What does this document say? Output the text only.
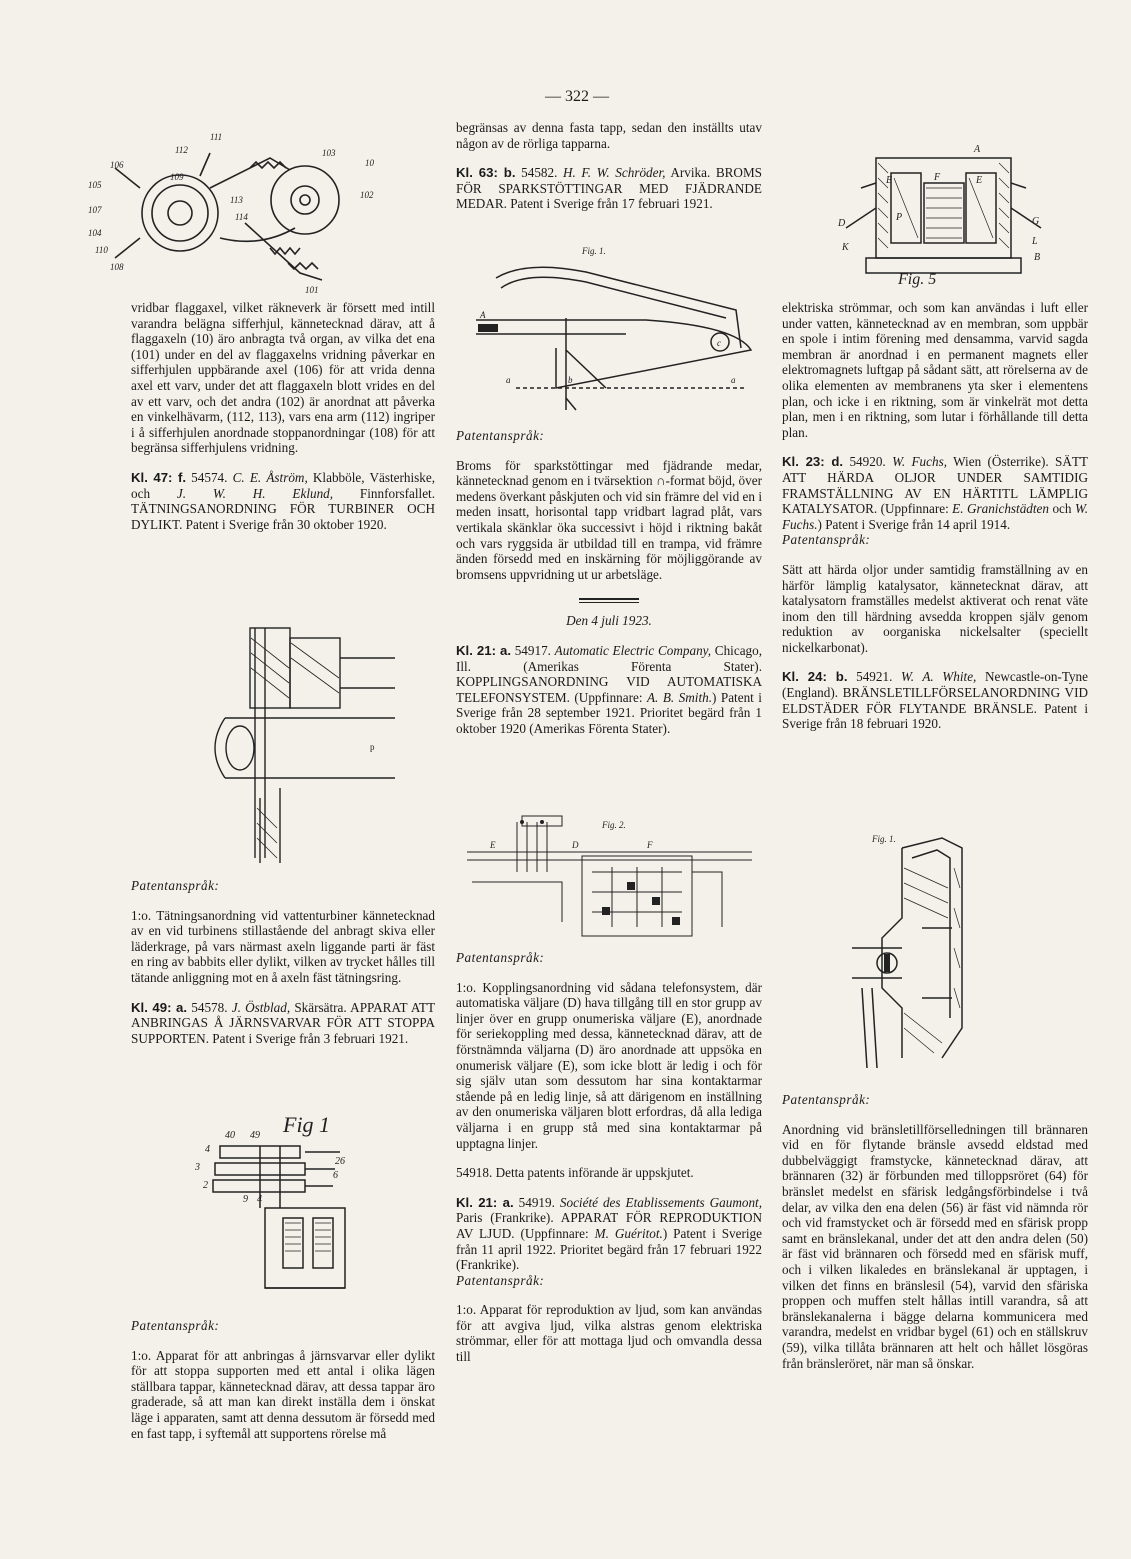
— 322 —
111
112
106
105
109
107
104
110
108
113
114
103
10
102
101

vridbar flaggaxel, vilket räkneverk är försett med intill varandra belägna sifferhjul, kännetecknad därav, att å flaggaxeln (10) äro anbragta två organ, av vilka det ena (101) under en del av flaggaxelns vridning påverkar en sifferhjulen uppbärande axel (106) för att vrida denna axel ett varv, under det att flaggaxeln blott vrides en del av ett varv, och det andra (102) är anordnat att påverka en vinkelhävarm, (112, 113), vars ena arm (112) ingriper i å sifferhjulen anordnade stoppanordningar (108) för att begränsa sifferhjulens vridning.

Kl. 47: f. 54574. C. E. Åström, Klabböle, Västerhiske, och J. W. H. Eklund, Finnforsfallet. TÄTNINGSANORDNING FÖR TURBINER OCH DYLIKT. Patent i Sverige från 30 oktober 1920.

p

Patentanspråk:

1:o. Tätningsanordning vid vattenturbiner kännetecknad av en vid turbinens stillastående del anbragt skiva eller läderkrage, på vars närmast axeln liggande parti är fäst en ring av babbits eller dylikt, vilken av trycket hålles till tätande anliggning mot en å axeln fäst tätningsring.

Kl. 49: a. 54578. J. Östblad, Skärsätra. APPARAT ATT ANBRINGAS Å JÄRNSVARVAR FÖR ATT STOPPA SUPPORTEN. Patent i Sverige från 3 februari 1921.

Fig 1
40 49
4
3
2
26
6
9 4

Patentanspråk:

1:o. Apparat för att anbringas å järnsvarvar eller dylikt för att stoppa supporten med ett antal i olika lägen ställbara tappar, kännetecknad därav, att dessa tappar äro graderade, så att man kan direkt inställa dem i önskat läge i apparaten, samt att denna dessutom är försedd med en fast tapp, i syftemål att supportens rörelse må

begränsas av denna fasta tapp, sedan den inställts utav någon av de rörliga tapparna.

Kl. 63: b. 54582. H. F. W. Schröder, Arvika. BROMS FÖR SPARKSTÖTTINGAR MED FJÄDRANDE MEDAR. Patent i Sverige från 17 februari 1921.

Fig. 1.
A
c
a	b	a

Patentanspråk:

Broms för sparkstöttingar med fjädrande medar, kännetecknad genom en i tvärsektion ∩-format böjd, över medens överkant påskjuten och vid sin främre del vid en i meden insatt, horisontal tapp vridbart lagrad plåt, vars vertikala skänklar öka successivt i höjd i riktning bakåt och vars ryggsida är utbildad till en trampa, vid främre änden försedd med en inskärning för möjliggörande av bromsens uppvridning ut ur arbetsläge.

Den 4 juli 1923.

Kl. 21: a. 54917. Automatic Electric Company, Chicago, Ill. (Amerikas Förenta Stater). KOPPLINGSANORDNING VID AUTOMATISKA TELEFONSYSTEM. (Uppfinnare: A. B. Smith.) Patent i Sverige från 28 september 1921. Prioritet begärd från 1 oktober 1920 (Amerikas Förenta Stater).

Fig. 2.
E	D	F

Patentanspråk:

1:o. Kopplingsanordning vid sådana telefonsystem, där automatiska väljare (D) hava tillgång till en stor grupp av linjer över en grupp onumeriska väljare (E), anordnade för seriekoppling med dessa, kännetecknad därav, att de förstnämnda väljarna (D) äro anordnade att uppsöka en onumerisk väljare (E), som icke blott är ledig i och för sig själv utan som dessutom har sina kontaktarmar stående på en ledig linje, så att därigenom en inställning av den onumeriska väljaren blott erfordras, då alla lediga väljarna i en grupp stå med sina kontaktarmar på upptagna linjer.

54918. Detta patents införande är uppskjutet.

Kl. 21: a. 54919. Société des Etablissements Gaumont, Paris (Frankrike). APPARAT FÖR REPRODUKTION AV LJUD. (Uppfinnare: M. Guéritot.) Patent i Sverige från 11 april 1922. Prioritet begärd från 17 februari 1922 (Frankrike).

Patentanspråk:

1:o. Apparat för reproduktion av ljud, som kan användas för att avgiva ljud, vilka alstras genom elektriska strömmar, eller för att mottaga ljud och omvandla dessa till

A
E	F
P
E
D	G
L
K
B
Fig. 5

elektriska strömmar, och som kan användas i luft eller under vatten, kännetecknad av en membran, som uppbär en spole i intim förening med densamma, varvid sagda membran är anordnad i en permanent magnets eller elektromagnets luftgap på sådant sätt, att rörelserna av de olika elementen av membranens yta sker i elementens plan, och icke i en riktning, som är vinkelrät mot detta plan, men i en riktning, som lutar i förhållande till detta plan.

Kl. 23: d. 54920. W. Fuchs, Wien (Österrike). SÄTT ATT HÄRDA OLJOR UNDER SAMTIDIG FRAMSTÄLLNING AV EN HÄRTITL LÄMPLIG KATALYSATOR. (Uppfinnare: E. Granichstädten och W. Fuchs.) Patent i Sverige från 14 april 1914.

Patentanspråk:

Sätt att härda oljor under samtidig framställning av en härför lämplig katalysator, kännetecknat därav, att katalysatorn framställes medelst aktiverat och renat väte inom den till härdning avsedda kroppen själv genom reduktion av oorganiska nickelsalter (speciellt nickelkarbonat).

Kl. 24: b. 54921. W. A. White, Newcastle-on-Tyne (England). BRÄNSLETILLFÖRSELANORDNING VID ELDSTÄDER FÖR FLYTANDE BRÄNSLE. Patent i Sverige från 18 februari 1920.

Fig. 1.

Patentanspråk:

Anordning vid bränsletillförselledningen till brännaren vid en för flytande bränsle avsedd eldstad med dubbelväggigt framstycke, kännetecknad därav, att brännaren (32) är förbunden med tilloppsröret (64) för bränslet medelst en sfärisk ledgångsförbindelse i två delar, av vilka den ena delen (56) är fäst vid nämnda rör och vid framstycket och är försedd med en sfärisk propp samt en bränslekanal, under det att den andra delen (50) är fäst vid brännaren och försedd med en sfärisk muff, och i vilken likaledes en bränslekanal är upptagen, i vilken det finns en bränslesil (54), varvid den sfäriska proppen och muffen stelt hållas intill varandra, så att bränslekanalerna i bägge delarna kommunicera med varandra, medelst en vridbar bygel (61) och en ställskruv (59), vilka tillåta brännaren att helt och hållet lösgöras från bränsleröret, när man så önskar.
